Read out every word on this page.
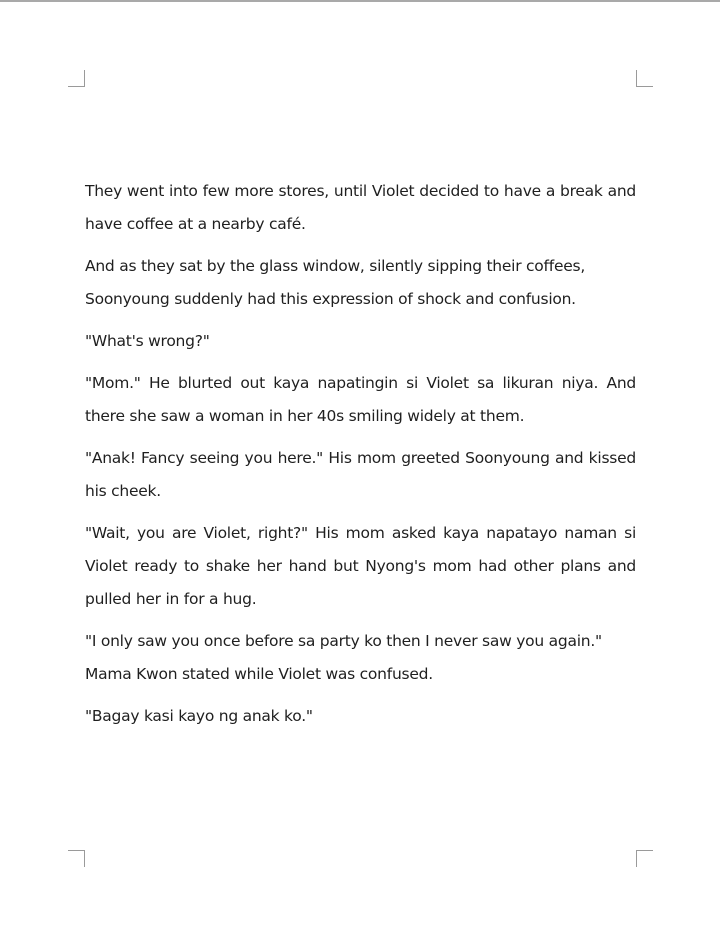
They went into few more stores, until Violet decided to have a break and have coffee at a nearby café.

And as they sat by the glass window, silently sipping their coffees,
Soonyoung suddenly had this expression of shock and confusion.

"What's wrong?"

"Mom." He blurted out kaya napatingin si Violet sa likuran niya. And there she saw a woman in her 40s smiling widely at them.

"Anak! Fancy seeing you here." His mom greeted Soonyoung and kissed his cheek.

"Wait, you are Violet, right?" His mom asked kaya napatayo naman si Violet ready to shake her hand but Nyong's mom had other plans and pulled her in for a hug.

"I only saw you once before sa party ko then I never saw you again."
Mama Kwon stated while Violet was confused.

"Bagay kasi kayo ng anak ko."
